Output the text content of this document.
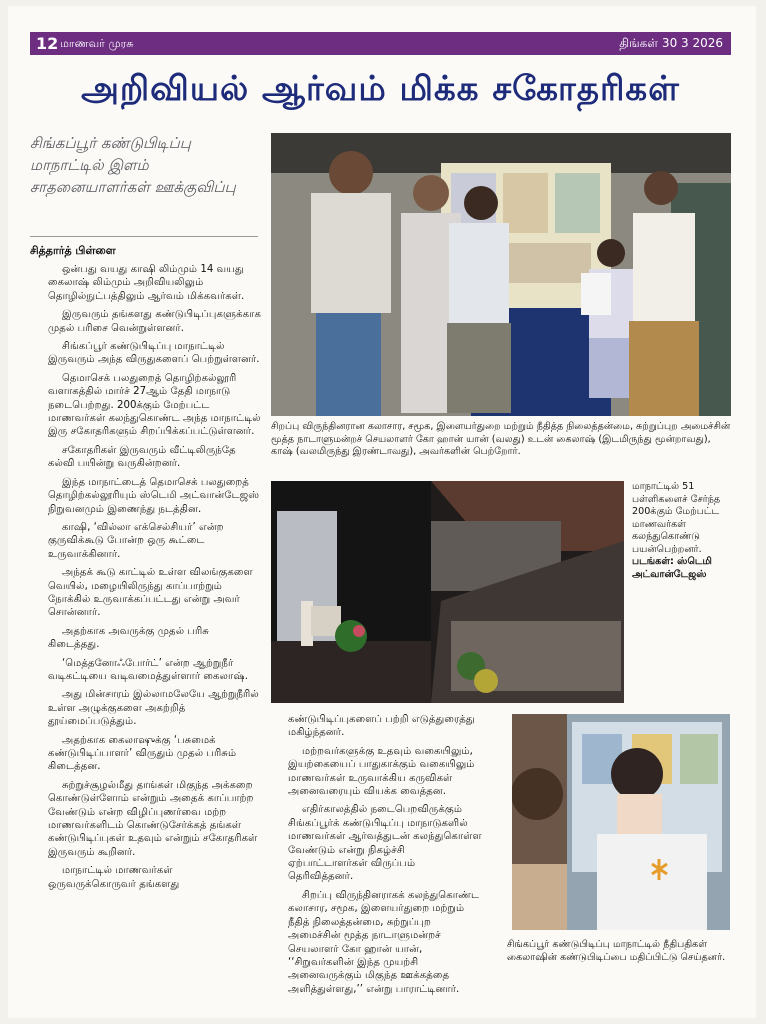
12 மாணவர் முரசு	திங்கள் 30 3 2026
அறிவியல் ஆர்வம் மிக்க சகோதரிகள்
சிங்கப்பூர் கண்டுபிடிப்பு மாநாட்டில் இளம் சாதனையாளர்கள் ஊக்குவிப்பு
சித்தார்த் பிள்ளை

ஒன்பது வயது காஷி லிம்மும் 14 வயது கைலாஷ் லிம்மும் அறிவியலிலும் தொழில்நுட்பத்திலும் ஆர்வம் மிக்கவர்கள்.

இருவரும் தங்களது கண்டுபிடிப்புகளுக்காக முதல் பரிசை வென்றுள்ளனர்.

சிங்கப்பூர் கண்டுபிடிப்பு மாநாட்டில் இருவரும் அந்த விருதுகளைப் பெற்றுள்ளனர்.

தெமாசெக் பலதுறைத் தொழிற்கல்லூரி வளாகத்தில் மார்ச் 27ஆம் தேதி மாநாடு நடைபெற்றது. 200க்கும் மேற்பட்ட மாணவர்கள் கலந்துகொண்ட அந்த மாநாட்டில் இரு சகோதரிகளும் சிறப்பிக்கப்பட்டுள்ளனர்.

சகோதரிகள் இருவரும் வீட்டிலிருந்தே கல்வி பயின்று வருகின்றனர்.

இந்த மாநாட்டைத் தெமாசெக் பலதுறைத் தொழிற்கல்லூரியும் ஸ்டெமி அட்வான்டேஜஸ் நிறுவனமும் இணைந்து நடத்தின.

காஷி, ‘வில்லா எக்செல்சியர்’ என்ற குருவிக்கூடு போன்ற ஒரு கூட்டை உருவாக்கினார்.

அந்தக் கூடு காட்டில் உள்ள விலங்குகளை வெயில், மழையிலிருந்து காப்பாற்றும் நோக்கில் உருவாக்கப்பட்டது என்று அவர் சொன்னார்.

அதற்காக அவருக்கு முதல் பரிசு கிடைத்தது.

‘மெத்தனோஃபோர்ட்’ என்ற ஆற்றுநீர் வடிகட்டியை வடிவமைத்துள்ளார் கைலாஷ்.

அது மின்சாரம் இல்லாமலேயே ஆற்றுநீரில் உள்ள அழுக்குகளை அகற்றித் தூய்மைப்படுத்தும்.

அதற்காக கைலாஷுக்கு ‘பசுமைக் கண்டுபிடிப்பாளர்’ விருதும் முதல் பரிசும் கிடைத்தன.

சுற்றுச்சூழல்மீது தாங்கள் மிகுந்த அக்கறை கொண்டுள்ளோம் என்றும் அதைக் காப்பாற்ற வேண்டும் என்ற விழிப்புணர்வை மற்ற மாணவர்களிடம் கொண்டுசேர்க்கத் தங்கள் கண்டுபிடிப்புகள் உதவும் என்றும் சகோதரிகள் இருவரும் கூறினர்.

மாநாட்டில் மாணவர்கள் ஒருவருக்கொருவர் தங்களது

சிறப்பு விருந்தினரான கலாசார, சமூக, இளையர்துறை மற்றும் நீதித்த நிலைத்தன்மை, சுற்றுப்புற அமைச்சின் மூத்த நாடாளுமன்றச் செயலாளர் கோ ஹான் யான் (வலது) உடன் கைலாஷ் (இடமிருந்து மூன்றாவது), காஷ் (வலமிருந்து இரண்டாவது), அவர்களின் பெற்றோர்.
மாநாட்டில் 51 பள்ளிகளைச் சேர்ந்த 200க்கும் மேற்பட்ட மாணவர்கள் கலந்துகொண்டு பயன்பெற்றனர்.
படங்கள்: ஸ்டெமி அட்வான்டேஜஸ்
சிங்கப்பூர் கண்டுபிடிப்பு மாநாட்டில் நீதிபதிகள் கைலாஷின் கண்டுபிடிப்பை மதிப்பிட்டு செய்தனர்.

கண்டுபிடிப்புகளைப் பற்றி எடுத்துரைத்து மகிழ்ந்தனர்.

மற்றவர்களுக்கு உதவும் வகையிலும், இயற்கையைப் பாதுகாக்கும் வகையிலும் மாணவர்கள் உருவாக்கிய கருவிகள் அனைவரையும் வியக்க வைத்தன.

எதிர்காலத்தில் நடைபெறவிருக்கும் சிங்கப்பூர்க் கண்டுபிடிப்பு மாநாடுகளில் மாணவர்கள் ஆர்வத்துடன் கலந்துகொள்ள வேண்டும் என்று நிகழ்ச்சி ஏற்பாட்டாளர்கள் விருப்பம் தெரிவித்தனர்.

சிறப்பு விருந்தினராகக் கலந்துகொண்ட கலாசார, சமூக, இளையர்துறை மற்றும் நீதித் நிலைத்தன்மை, சுற்றுப்புற அமைச்சின் மூத்த நாடாளுமன்றச் செயலாளர் கோ ஹான் யான், ‘‘சிறுவர்களின் இந்த முயற்சி அனைவருக்கும் மிகுந்த ஊக்கத்தை அளித்துள்ளது,’’ என்று பாராட்டினார்.
